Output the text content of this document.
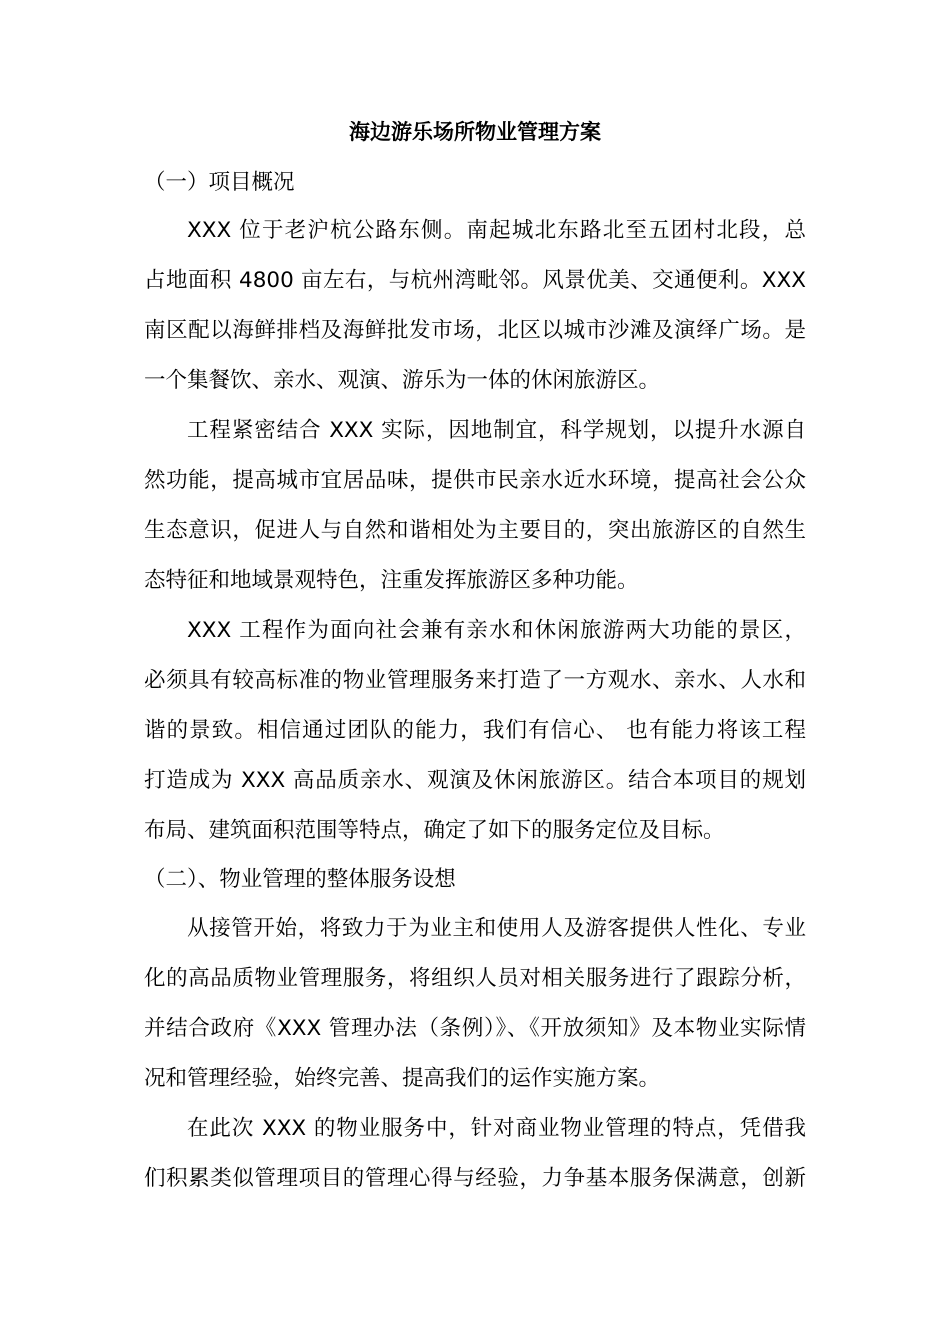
海边游乐场所物业管理方案

（一）项目概况

XXX 位于老沪杭公路东侧。南起城北东路北至五团村北段，总

占地面积 4800 亩左右，与杭州湾毗邻。风景优美、交通便利。XXX

南区配以海鲜排档及海鲜批发市场，北区以城市沙滩及演绎广场。是

一个集餐饮、亲水、观演、游乐为一体的休闲旅游区。

工程紧密结合 XXX 实际，因地制宜，科学规划，以提升水源自

然功能，提高城市宜居品味，提供市民亲水近水环境，提高社会公众

生态意识，促进人与自然和谐相处为主要目的，突出旅游区的自然生

态特征和地域景观特色，注重发挥旅游区多种功能。

XXX 工程作为面向社会兼有亲水和休闲旅游两大功能的景区，

必须具有较高标准的物业管理服务来打造了一方观水、亲水、人水和

谐的景致。相信通过团队的能力，我们有信心、 也有能力将该工程

打造成为 XXX 高品质亲水、观演及休闲旅游区。结合本项目的规划

布局、建筑面积范围等特点，确定了如下的服务定位及目标。

（二）、物业管理的整体服务设想

从接管开始，将致力于为业主和使用人及游客提供人性化、专业

化的高品质物业管理服务，将组织人员对相关服务进行了跟踪分析，

并结合政府《XXX 管理办法（条例）》、《开放须知》及本物业实际情

况和管理经验，始终完善、提高我们的运作实施方案。

在此次 XXX 的物业服务中，针对商业物业管理的特点，凭借我

们积累类似管理项目的管理心得与经验，力争基本服务保满意，创新
